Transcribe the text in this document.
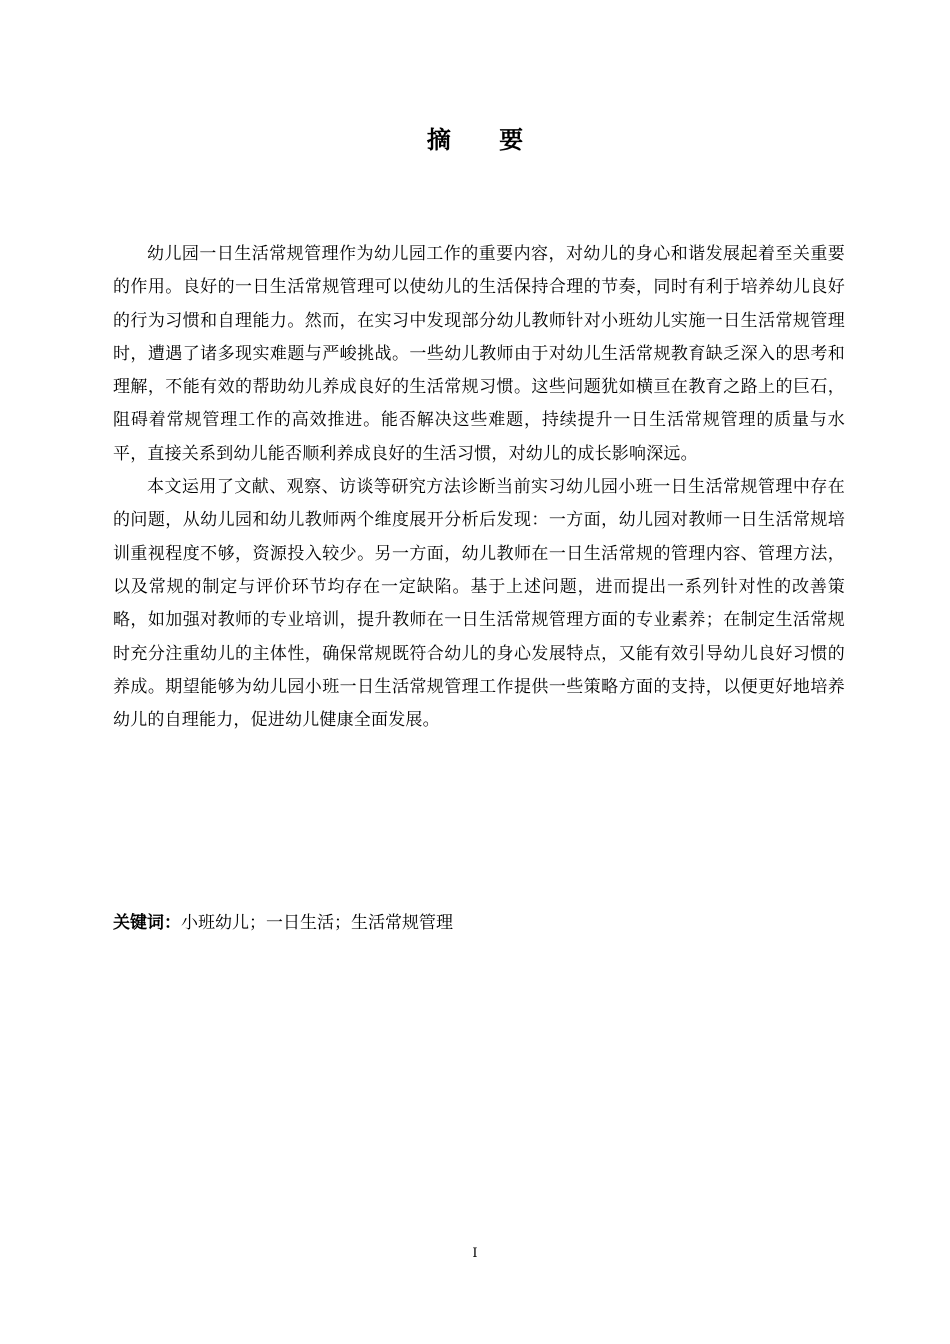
摘 要

幼儿园一日生活常规管理作为幼儿园工作的重要内容，对幼儿的身心和谐发展起着至关重要的作用。良好的一日生活常规管理可以使幼儿的生活保持合理的节奏，同时有利于培养幼儿良好的行为习惯和自理能力。然而，在实习中发现部分幼儿教师针对小班幼儿实施一日生活常规管理时，遭遇了诸多现实难题与严峻挑战。一些幼儿教师由于对幼儿生活常规教育缺乏深入的思考和理解，不能有效的帮助幼儿养成良好的生活常规习惯。这些问题犹如横亘在教育之路上的巨石，阻碍着常规管理工作的高效推进。能否解决这些难题，持续提升一日生活常规管理的质量与水平，直接关系到幼儿能否顺利养成良好的生活习惯，对幼儿的成长影响深远。

本文运用了文献、观察、访谈等研究方法诊断当前实习幼儿园小班一日生活常规管理中存在的问题，从幼儿园和幼儿教师两个维度展开分析后发现：一方面，幼儿园对教师一日生活常规培训重视程度不够，资源投入较少。另一方面，幼儿教师在一日生活常规的管理内容、管理方法，以及常规的制定与评价环节均存在一定缺陷。基于上述问题，进而提出一系列针对性的改善策略，如加强对教师的专业培训，提升教师在一日生活常规管理方面的专业素养；在制定生活常规时充分注重幼儿的主体性，确保常规既符合幼儿的身心发展特点，又能有效引导幼儿良好习惯的养成。期望能够为幼儿园小班一日生活常规管理工作提供一些策略方面的支持，以便更好地培养幼儿的自理能力，促进幼儿健康全面发展。

关键词：小班幼儿；一日生活；生活常规管理
I
